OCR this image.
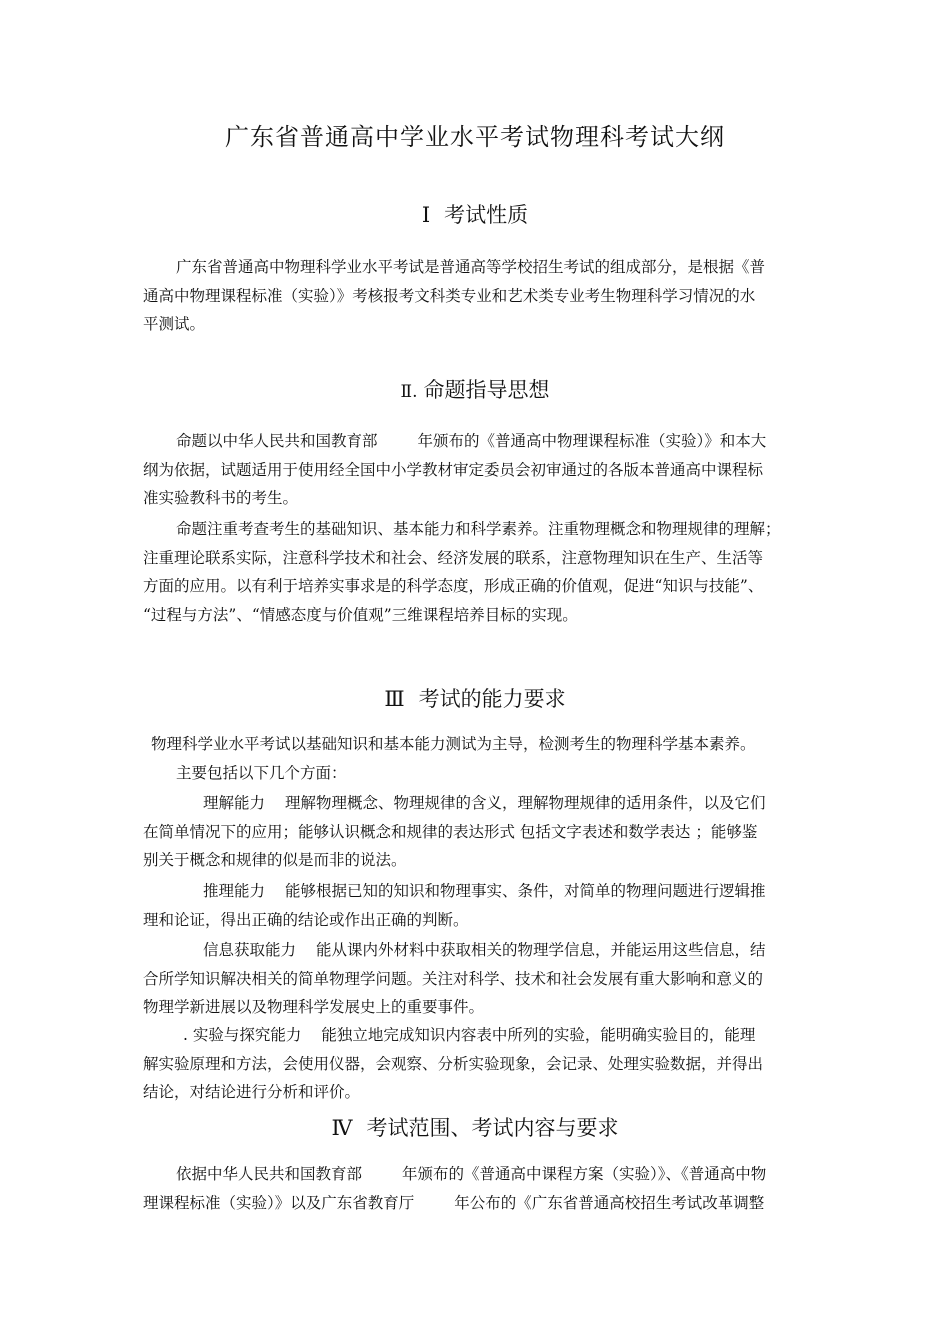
广东省普通高中学业水平考试物理科考试大纲
Ⅰ 考试性质
广东省普通高中物理科学业水平考试是普通高等学校招生考试的组成部分，是根据《普
通高中物理课程标准（实验）》考核报考文科类专业和艺术类专业考生物理科学习情况的水
平测试。
Ⅱ. 命题指导思想
命题以中华人民共和国教育部	年颁布的《普通高中物理课程标准（实验）》和本大
纲为依据，试题适用于使用经全国中小学教材审定委员会初审通过的各版本普通高中课程标
准实验教科书的考生。
命题注重考查考生的基础知识、基本能力和科学素养。注重物理概念和物理规律的理解；
注重理论联系实际，注意科学技术和社会、经济发展的联系，注意物理知识在生产、生活等
方面的应用。以有利于培养实事求是的科学态度，形成正确的价值观，促进“知识与技能”、
“过程与方法”、“情感态度与价值观”三维课程培养目标的实现。
Ⅲ 考试的能力要求
物理科学业水平考试以基础知识和基本能力测试为主导，检测考生的物理科学基本素养。
主要包括以下几个方面：
理解能力 理解物理概念、物理规律的含义，理解物理规律的适用条件，以及它们
在简单情况下的应用；能够认识概念和规律的表达形式 包括文字表述和数学表达 ；能够鉴
别关于概念和规律的似是而非的说法。
推理能力 能够根据已知的知识和物理事实、条件，对简单的物理问题进行逻辑推
理和论证，得出正确的结论或作出正确的判断。
信息获取能力 能从课内外材料中获取相关的物理学信息，并能运用这些信息，结
合所学知识解决相关的简单物理学问题。关注对科学、技术和社会发展有重大影响和意义的
物理学新进展以及物理科学发展史上的重要事件。
. 实验与探究能力 能独立地完成知识内容表中所列的实验，能明确实验目的，能理
解实验原理和方法，会使用仪器，会观察、分析实验现象，会记录、处理实验数据，并得出
结论，对结论进行分析和评价。
Ⅳ 考试范围、考试内容与要求
依据中华人民共和国教育部	年颁布的《普通高中课程方案（实验）》、《普通高中物
理课程标准（实验）》以及广东省教育厅	年公布的《广东省普通高校招生考试改革调整
